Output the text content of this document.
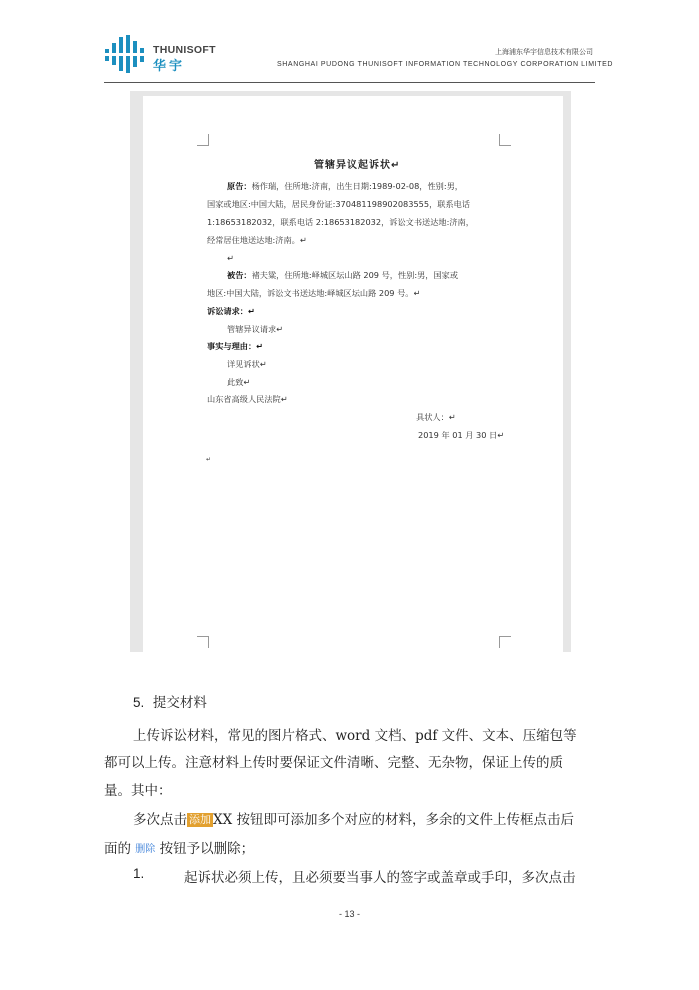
THUNISOFT
华宇
上海浦东华宇信息技术有限公司
SHANGHAI PUDONG THUNISOFT INFORMATION TECHNOLOGY CORPORATION LIMITED
管辖异议起诉状↵
原告：杨作瑞，住所地:济南，出生日期:1989-02-08，性别:男，
国家或地区:中国大陆，居民身份证:370481198902083555，联系电话
1:18653182032，联系电话 2:18653182032，诉讼文书送达地:济南，
经常居住地送达地:济南。↵
↵
被告：褚夫粱，住所地:峄城区坛山路 209 号，性别:男，国家或
地区:中国大陆，诉讼文书送达地:峄城区坛山路 209 号。↵
诉讼请求：↵
管辖异议请求↵
事实与理由：↵
详见诉状↵
此致↵
山东省高级人民法院↵
具状人：↵
2019 年 01 月 30 日↵
↵
5. 提交材料
上传诉讼材料，常见的图片格式、word 文档、pdf 文件、文本、压缩包等
都可以上传。注意材料上传时要保证文件清晰、完整、无杂物，保证上传的质
量。其中：
多次点击 添加 XX 按钮即可添加多个对应的材料，多余的文件上传框点击后
面的 删除 按钮予以删除；
1.	起诉状必须上传，且必须要当事人的签字或盖章或手印，多次点击
- 13 -
